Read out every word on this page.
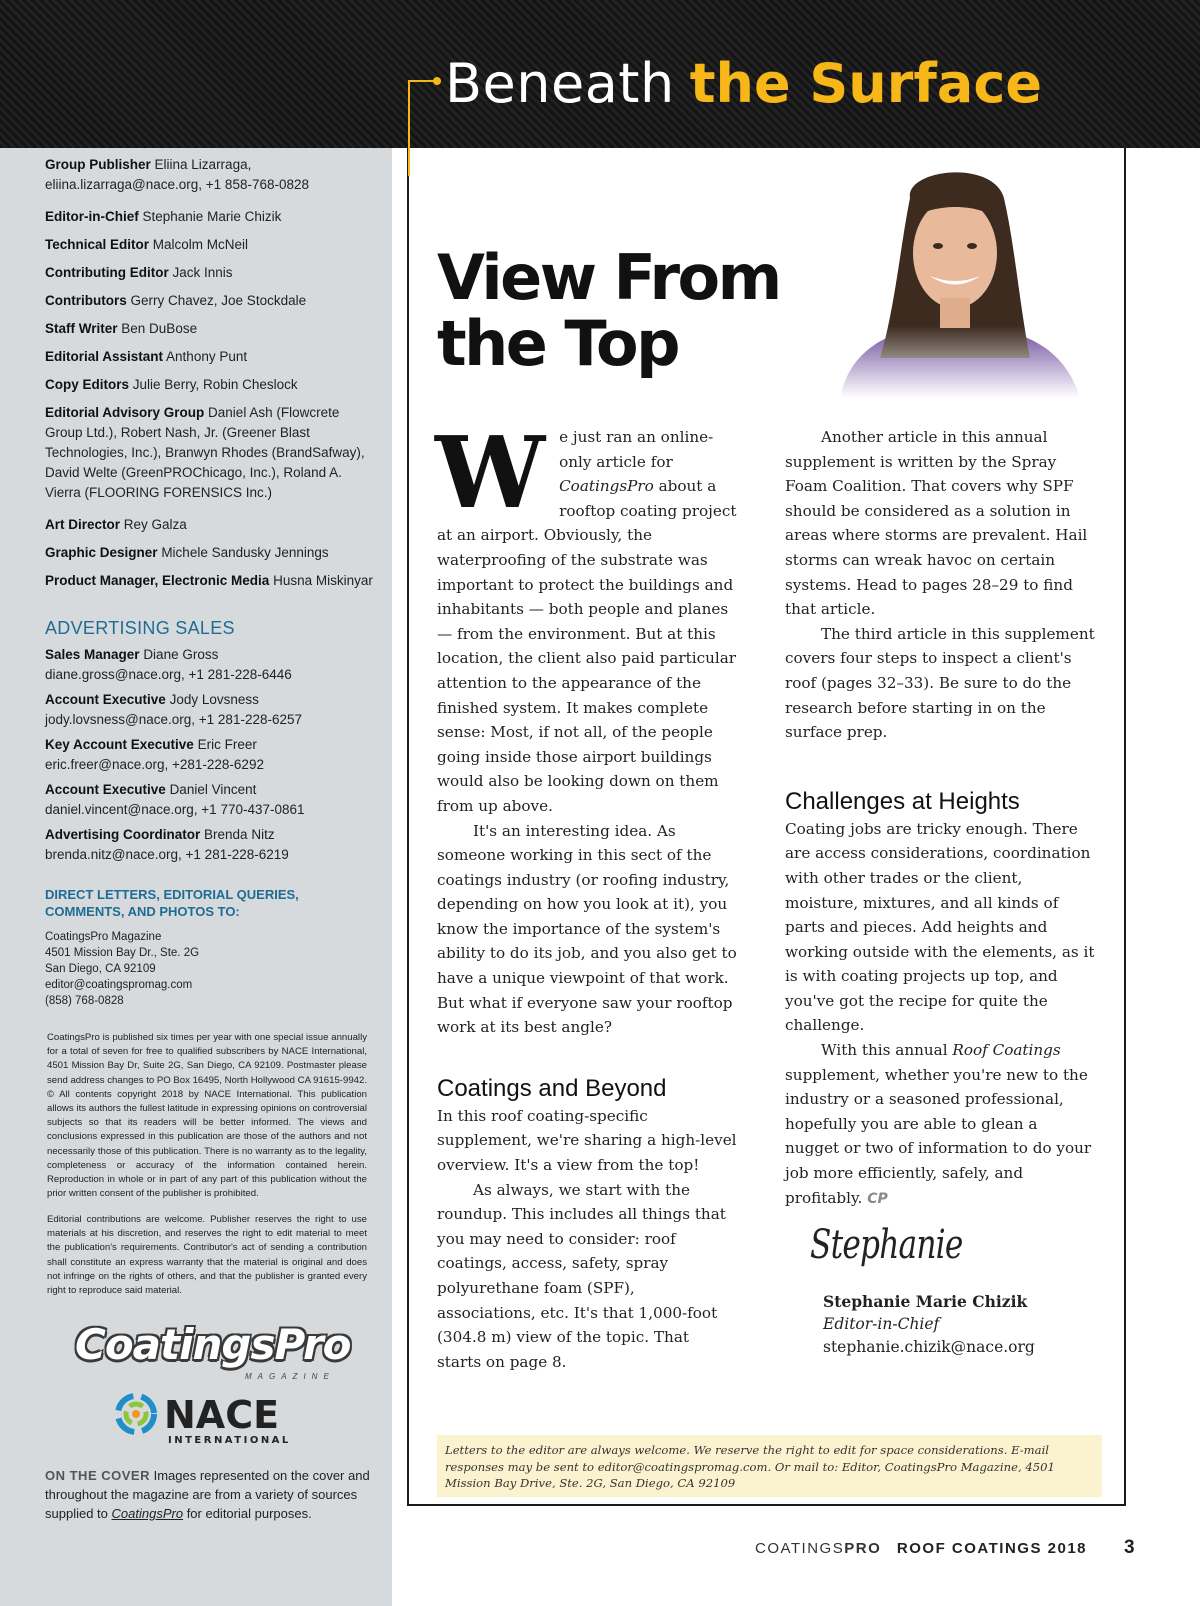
Beneath the Surface
Group Publisher Eliina Lizarraga, eliina.lizarraga@nace.org, +1 858-768-0828
Editor-in-Chief Stephanie Marie Chizik
Technical Editor Malcolm McNeil
Contributing Editor Jack Innis
Contributors Gerry Chavez, Joe Stockdale
Staff Writer Ben DuBose
Editorial Assistant Anthony Punt
Copy Editors Julie Berry, Robin Cheslock
Editorial Advisory Group Daniel Ash (Flowcrete Group Ltd.), Robert Nash, Jr. (Greener Blast Technologies, Inc.), Branwyn Rhodes (BrandSafway), David Welte (GreenPROChicago, Inc.), Roland A. Vierra (FLOORING FORENSICS Inc.)
Art Director Rey Galza
Graphic Designer Michele Sandusky Jennings
Product Manager, Electronic Media Husna Miskinyar
ADVERTISING SALES
Sales Manager Diane Gross
diane.gross@nace.org, +1 281-228-6446
Account Executive Jody Lovsness
jody.lovsness@nace.org, +1 281-228-6257
Key Account Executive Eric Freer
eric.freer@nace.org, +281-228-6292
Account Executive Daniel Vincent
daniel.vincent@nace.org, +1 770-437-0861
Advertising Coordinator Brenda Nitz
brenda.nitz@nace.org, +1 281-228-6219
DIRECT LETTERS, EDITORIAL QUERIES, COMMENTS, AND PHOTOS TO:
CoatingsPro Magazine
4501 Mission Bay Dr., Ste. 2G
San Diego, CA 92109
editor@coatingspromag.com
(858) 768-0828
CoatingsPro is published six times per year with one special issue annually for a total of seven for free to qualified subscribers by NACE International, 4501 Mission Bay Dr, Suite 2G, San Diego, CA 92109. Postmaster please send address changes to PO Box 16495, North Hollywood CA 91615-9942. © All contents copyright 2018 by NACE International. This publication allows its authors the fullest latitude in expressing opinions on controversial subjects so that its readers will be better informed. The views and conclusions expressed in this publication are those of the authors and not necessarily those of this publication. There is no warranty as to the legality, completeness or accuracy of the information contained herein. Reproduction in whole or in part of any part of this publication without the prior written consent of the publisher is prohibited.
Editorial contributions are welcome. Publisher reserves the right to use materials at his discretion, and reserves the right to edit material to meet the publication's requirements. Contributor's act of sending a contribution shall constitute an express warranty that the material is original and does not infringe on the rights of others, and that the publisher is granted every right to reproduce said material.
CoatingsPro
MAGAZINE
NACE
INTERNATIONAL
ON THE COVER Images represented on the cover and throughout the magazine are from a variety of sources supplied to CoatingsPro for editorial purposes.
View From
the Top

We just ran an online-only article for CoatingsPro about a rooftop coating project at an airport. Obviously, the waterproofing of the substrate was important to protect the buildings and inhabitants — both people and planes — from the environment. But at this location, the client also paid particular attention to the appearance of the finished system. It makes complete sense: Most, if not all, of the people going inside those airport buildings would also be looking down on them from up above.

It's an interesting idea. As someone working in this sect of the coatings industry (or roofing industry, depending on how you look at it), you know the importance of the system's ability to do its job, and you also get to have a unique viewpoint of that work. But what if everyone saw your rooftop work at its best angle?

Coatings and Beyond

In this roof coating-specific supplement, we're sharing a high-level overview. It's a view from the top!

As always, we start with the roundup. This includes all things that you may need to consider: roof coatings, access, safety, spray polyurethane foam (SPF), associations, etc. It's that 1,000-foot (304.8 m) view of the topic. That starts on page 8.

Another article in this annual supplement is written by the Spray Foam Coalition. That covers why SPF should be considered as a solution in areas where storms are prevalent. Hail storms can wreak havoc on certain systems. Head to pages 28–29 to find that article.

The third article in this supplement covers four steps to inspect a client's roof (pages 32–33). Be sure to do the research before starting in on the surface prep.

Challenges at Heights

Coating jobs are tricky enough. There are access considerations, coordination with other trades or the client, moisture, mixtures, and all kinds of parts and pieces. Add heights and working outside with the elements, as it is with coating projects up top, and you've got the recipe for quite the challenge.

With this annual Roof Coatings supplement, whether you're new to the industry or a seasoned professional, hopefully you are able to glean a nugget or two of information to do your job more efficiently, safely, and profitably. CP

Stephanie
Stephanie Marie Chizik
Editor-in-Chief
stephanie.chizik@nace.org
Letters to the editor are always welcome. We reserve the right to edit for space considerations. E-mail responses may be sent to editor@coatingspromag.com. Or mail to: Editor, CoatingsPro Magazine, 4501 Mission Bay Drive, Ste. 2G, San Diego, CA 92109
COATINGSPRO ROOF COATINGS 2018 3
